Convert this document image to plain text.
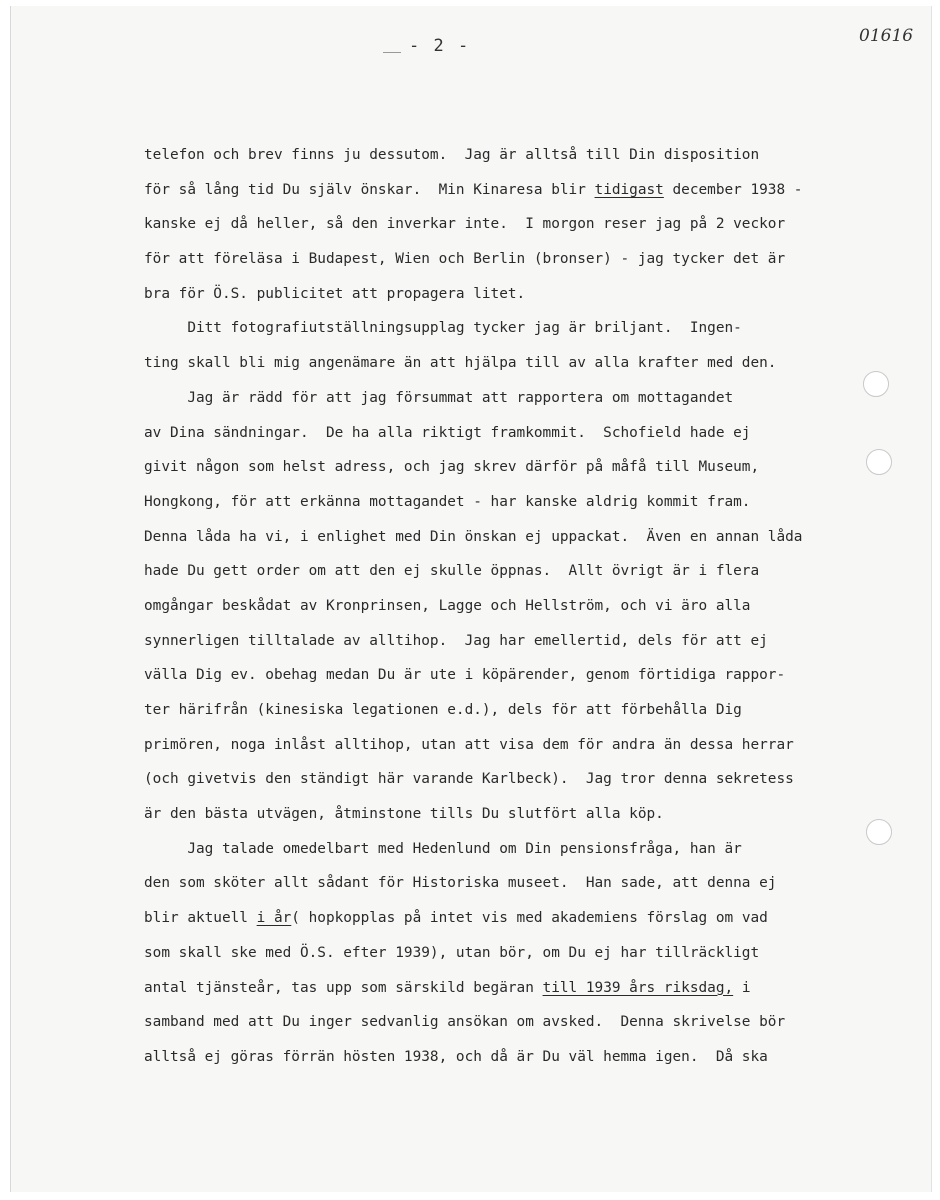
- 2 -	01616
telefon och brev finns ju dessutom.  Jag är alltså till Din disposition
för så lång tid Du själv önskar.  Min Kinaresa blir tidigast december 1938 -
kanske ej då heller, så den inverkar inte.  I morgon reser jag på 2 veckor
för att föreläsa i Budapest, Wien och Berlin (bronser) - jag tycker det är
bra för Ö.S. publicitet att propagera litet.
Ditt fotografiutställningsupplag tycker jag är briljant.  Ingen-
ting skall bli mig angenämare än att hjälpa till av alla krafter med den.
Jag är rädd för att jag försummat att rapportera om mottagandet
av Dina sändningar.  De ha alla riktigt framkommit.  Schofield hade ej
givit någon som helst adress, och jag skrev därför på måfå till Museum,
Hongkong, för att erkänna mottagandet - har kanske aldrig kommit fram.
Denna låda ha vi, i enlighet med Din önskan ej uppackat.  Även en annan låda
hade Du gett order om att den ej skulle öppnas.  Allt övrigt är i flera
omgångar beskådat av Kronprinsen, Lagge och Hellström, och vi äro alla
synnerligen tilltalade av alltihop.  Jag har emellertid, dels för att ej
välla Dig ev. obehag medan Du är ute i köpärender, genom förtidiga rappor-
ter härifrån (kinesiska legationen e.d.), dels för att förbehålla Dig
primören, noga inlåst alltihop, utan att visa dem för andra än dessa herrar
(och givetvis den ständigt här varande Karlbeck).  Jag tror denna sekretess
är den bästa utvägen, åtminstone tills Du slutfört alla köp.
Jag talade omedelbart med Hedenlund om Din pensionsfråga, han är
den som sköter allt sådant för Historiska museet.  Han sade, att denna ej
blir aktuell i år( hopkopplas på intet vis med akademiens förslag om vad
som skall ske med Ö.S. efter 1939), utan bör, om Du ej har tillräckligt
antal tjänsteår, tas upp som särskild begäran till 1939 års riksdag, i
samband med att Du inger sedvanlig ansökan om avsked.  Denna skrivelse bör
alltså ej göras förrän hösten 1938, och då är Du väl hemma igen.  Då ska
